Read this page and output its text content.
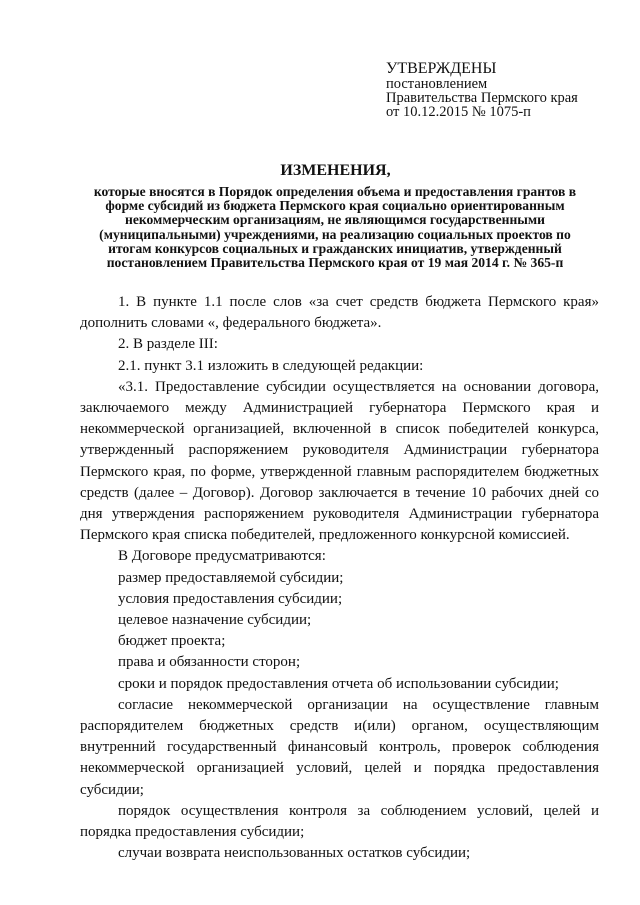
УТВЕРЖДЕНЫ
постановлением
Правительства Пермского края
от 10.12.2015 № 1075-п
ИЗМЕНЕНИЯ,
которые вносятся в Порядок определения объема и предоставления грантов в форме субсидий из бюджета Пермского края социально ориентированным некоммерческим организациям, не являющимся государственными (муниципальными) учреждениями, на реализацию социальных проектов по итогам конкурсов социальных и гражданских инициатив, утвержденный постановлением Правительства Пермского края от 19 мая 2014 г. № 365-п

1. В пункте 1.1 после слов «за счет средств бюджета Пермского края» дополнить словами «, федерального бюджета».

2. В разделе III:

2.1. пункт 3.1 изложить в следующей редакции:

«3.1. Предоставление субсидии осуществляется на основании договора, заключаемого между Администрацией губернатора Пермского края и некоммерческой организацией, включенной в список победителей конкурса, утвержденный распоряжением руководителя Администрации губернатора Пермского края, по форме, утвержденной главным распорядителем бюджетных средств (далее – Договор). Договор заключается в течение 10 рабочих дней со дня утверждения распоряжением руководителя Администрации губернатора Пермского края списка победителей, предложенного конкурсной комиссией.

В Договоре предусматриваются:

размер предоставляемой субсидии;

условия предоставления субсидии;

целевое назначение субсидии;

бюджет проекта;

права и обязанности сторон;

сроки и порядок предоставления отчета об использовании субсидии;

согласие некоммерческой организации на осуществление главным распорядителем бюджетных средств и(или) органом, осуществляющим внутренний государственный финансовый контроль, проверок соблюдения некоммерческой организацией условий, целей и порядка предоставления субсидии;

порядок осуществления контроля за соблюдением условий, целей и порядка предоставления субсидии;

случаи возврата неиспользованных остатков субсидии;
